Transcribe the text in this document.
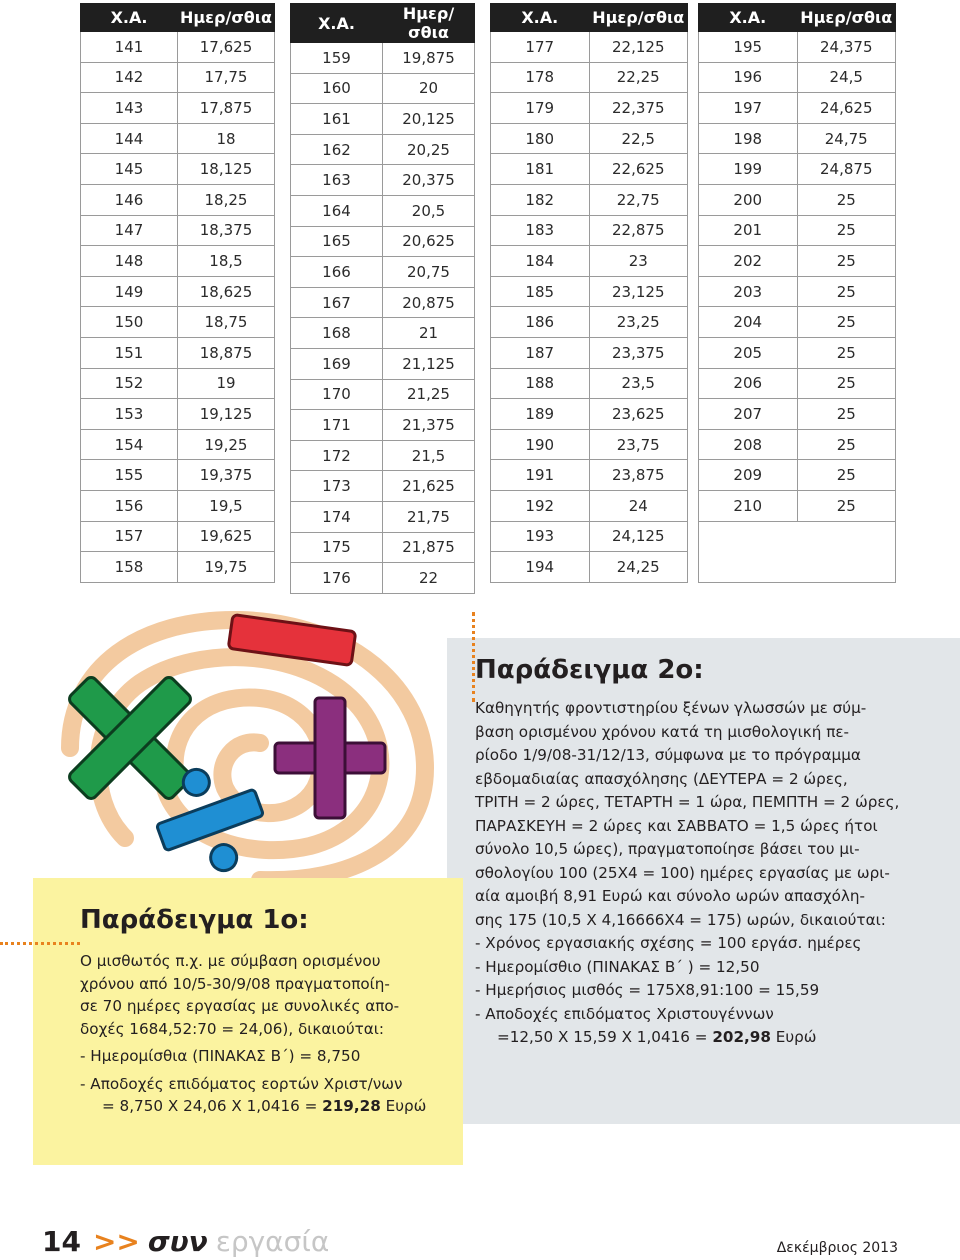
Χ.Α.	Ημερ/σθια
141	17,625
142	17,75
143	17,875
144	18
145	18,125
146	18,25
147	18,375
148	18,5
149	18,625
150	18,75
151	18,875
152	19
153	19,125
154	19,25
155	19,375
156	19,5
157	19,625
158	19,75
Χ.Α.	Ημερ/σθια
159	19,875
160	20
161	20,125
162	20,25
163	20,375
164	20,5
165	20,625
166	20,75
167	20,875
168	21
169	21,125
170	21,25
171	21,375
172	21,5
173	21,625
174	21,75
175	21,875
176	22
Χ.Α.	Ημερ/σθια
177	22,125
178	22,25
179	22,375
180	22,5
181	22,625
182	22,75
183	22,875
184	23
185	23,125
186	23,25
187	23,375
188	23,5
189	23,625
190	23,75
191	23,875
192	24
193	24,125
194	24,25
Χ.Α.	Ημερ/σθια
195	24,375
196	24,5
197	24,625
198	24,75
199	24,875
200	25
201	25
202	25
203	25
204	25
205	25
206	25
207	25
208	25
209	25
210	25

Παράδειγμα 2ο:

Καθηγητής φροντιστηρίου ξένων γλωσσών με σύμ-

βαση ορισμένου χρόνου κατά τη μισθολογική πε-

ρίοδο 1/9/08-31/12/13, σύμφωνα με το πρόγραμμα

εβδομαδιαίας απασχόλησης (ΔΕΥΤΕΡΑ = 2 ώρες,

ΤΡΙΤΗ = 2 ώρες, ΤΕΤΑΡΤΗ = 1 ώρα, ΠΕΜΠΤΗ = 2 ώρες,

ΠΑΡΑΣΚΕΥΗ = 2 ώρες και ΣΑΒΒΑΤΟ = 1,5 ώρες ήτοι

σύνολο 10,5 ώρες), πραγματοποίησε βάσει του μι-

σθολογίου 100 (25Χ4 = 100) ημέρες εργασίας με ωρι-

αία αμοιβή 8,91 Ευρώ και σύνολο ωρών απασχόλη-

σης 175 (10,5 Χ 4,16666Χ4 = 175) ωρών, δικαιούται:

- Χρόνος εργασιακής σχέσης = 100 εργάσ. ημέρες

- Ημερομίσθιο (ΠΙΝΑΚΑΣ Β΄ ) = 12,50

- Ημερήσιος μισθός = 175Χ8,91:100 = 15,59

- Αποδοχές επιδόματος Χριστουγέννων

=12,50 Χ 15,59 Χ 1,0416 = 202,98 Ευρώ

Παράδειγμα 1ο:

Ο μισθωτός π.χ. με σύμβαση ορισμένου

χρόνου από 10/5-30/9/08 πραγματοποίη-

σε 70 ημέρες εργασίας με συνολικές απο-

δοχές 1684,52:70 = 24,06), δικαιούται:

- Ημερομίσθια (ΠΙΝΑΚΑΣ Β΄) = 8,750

- Αποδοχές επιδόματος εορτών Χριστ/νων

= 8,750 Χ 24,06 Χ 1,0416 = 219,28 Ευρώ

14 >> συν εργασία	Δεκέμβριος 2013
